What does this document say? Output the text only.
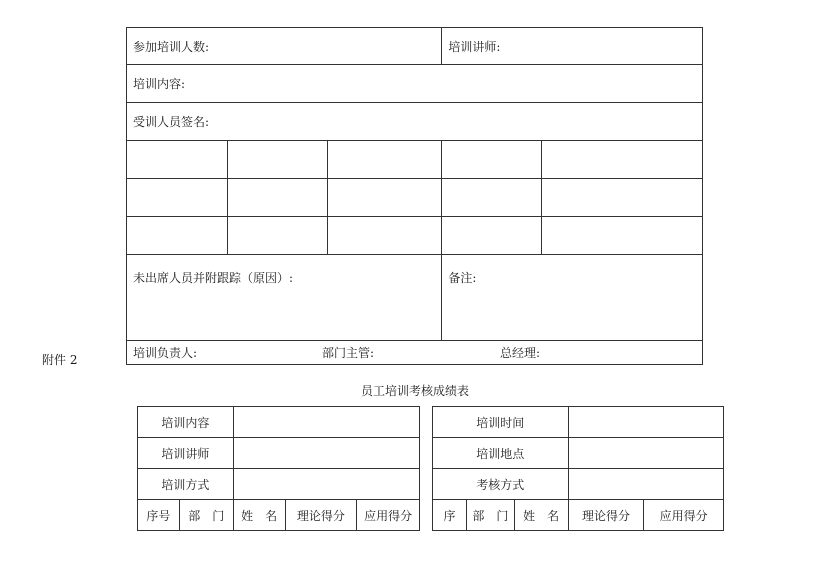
参加培训人数:			培训讲师:	
培训内容:				
受训人员签名:				

未出席人员并附跟踪（原因）:			备注:	

培训负责人: 部门主管: 总经理:				
附件 2
员工培训考核成绩表
培训内容				
培训讲师				
培训方式				
序号	部　门	姓　名	理论得分	应用得分
培训时间				
培训地点				
考核方式				
序	部　门	姓　名	理论得分	应用得分
